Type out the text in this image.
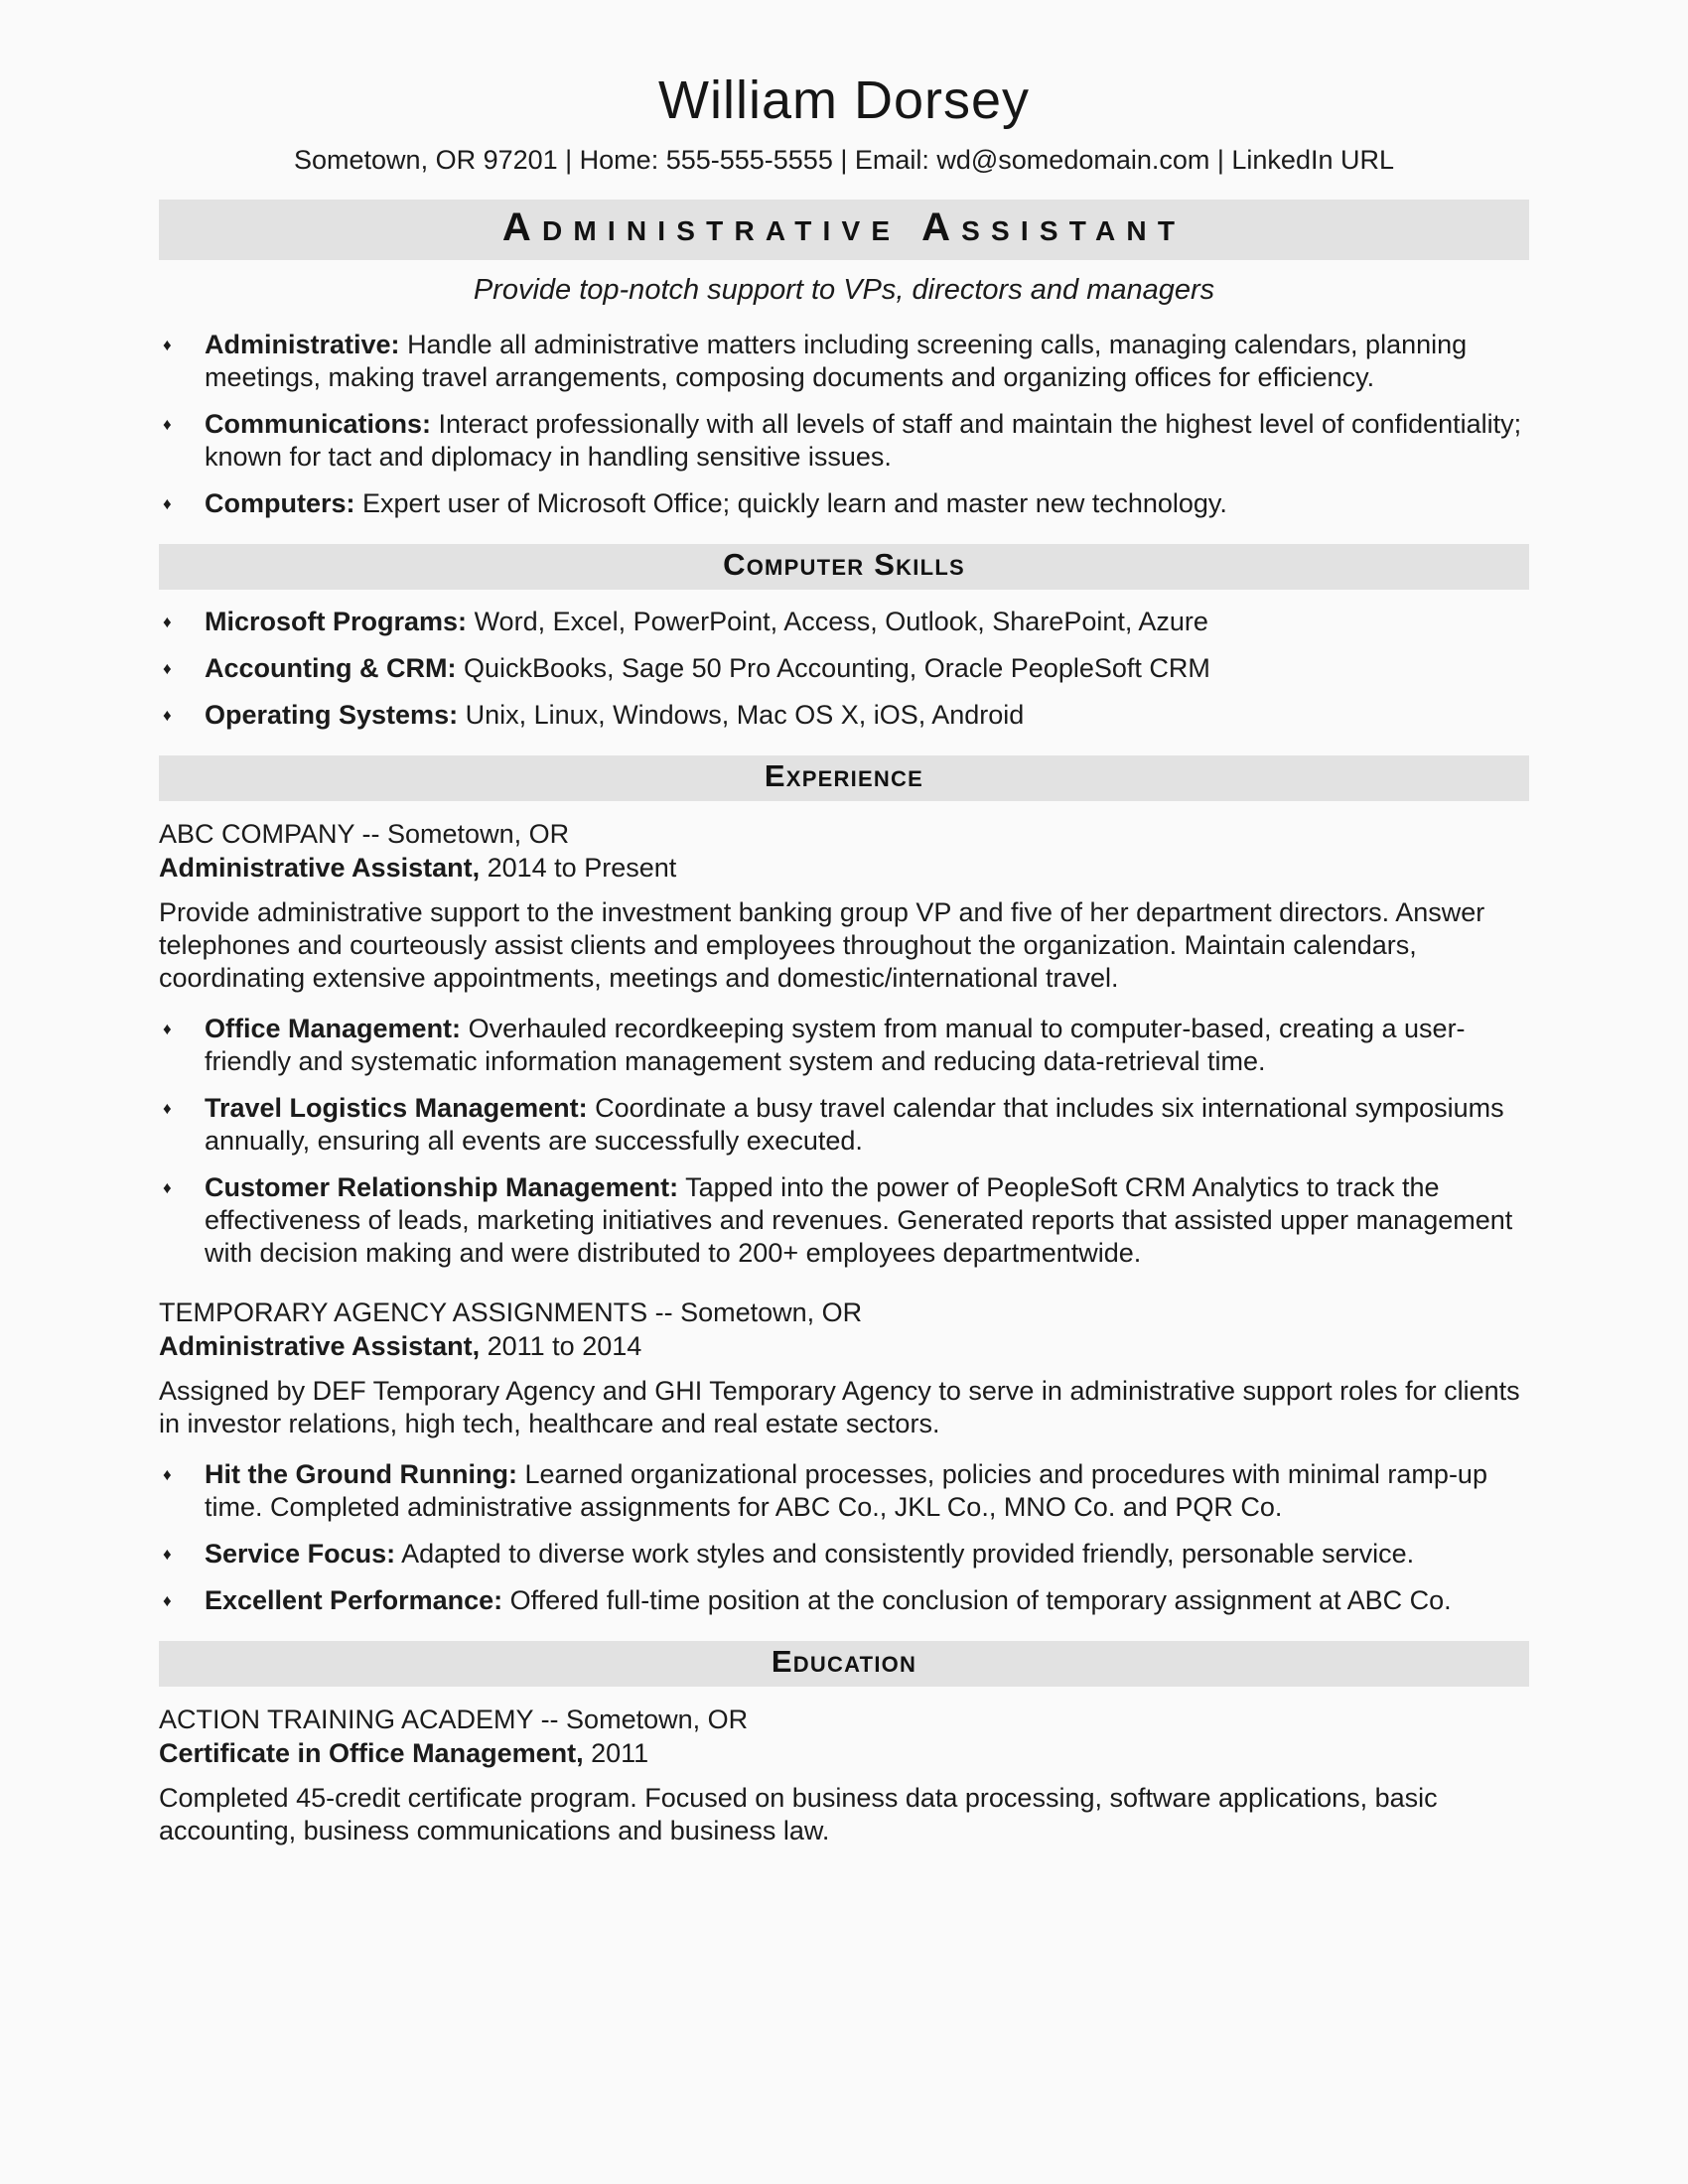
William Dorsey
Sometown, OR 97201 | Home: 555-555-5555 | Email: wd@somedomain.com | LinkedIn URL
Administrative Assistant
Provide top-notch support to VPs, directors and managers
♦	Administrative: Handle all administrative matters including screening calls, managing calendars, planning meetings, making travel arrangements, composing documents and organizing offices for efficiency.
♦	Communications: Interact professionally with all levels of staff and maintain the highest level of confidentiality; known for tact and diplomacy in handling sensitive issues.
♦	Computers: Expert user of Microsoft Office; quickly learn and master new technology.
Computer Skills
♦	Microsoft Programs: Word, Excel, PowerPoint, Access, Outlook, SharePoint, Azure
♦	Accounting & CRM: QuickBooks, Sage 50 Pro Accounting, Oracle PeopleSoft CRM
♦	Operating Systems: Unix, Linux, Windows, Mac OS X, iOS, Android
Experience
ABC COMPANY -- Sometown, OR
Administrative Assistant, 2014 to Present

Provide administrative support to the investment banking group VP and five of her department directors. Answer telephones and courteously assist clients and employees throughout the organization. Maintain calendars, coordinating extensive appointments, meetings and domestic/international travel.

♦	Office Management: Overhauled recordkeeping system from manual to computer-based, creating a user-friendly and systematic information management system and reducing data-retrieval time.
♦	Travel Logistics Management: Coordinate a busy travel calendar that includes six international symposiums annually, ensuring all events are successfully executed.
♦	Customer Relationship Management: Tapped into the power of PeopleSoft CRM Analytics to track the effectiveness of leads, marketing initiatives and revenues. Generated reports that assisted upper management with decision making and were distributed to 200+ employees departmentwide.
TEMPORARY AGENCY ASSIGNMENTS -- Sometown, OR
Administrative Assistant, 2011 to 2014

Assigned by DEF Temporary Agency and GHI Temporary Agency to serve in administrative support roles for clients in investor relations, high tech, healthcare and real estate sectors.

♦	Hit the Ground Running: Learned organizational processes, policies and procedures with minimal ramp-up time. Completed administrative assignments for ABC Co., JKL Co., MNO Co. and PQR Co.
♦	Service Focus: Adapted to diverse work styles and consistently provided friendly, personable service.
♦	Excellent Performance: Offered full-time position at the conclusion of temporary assignment at ABC Co.
Education
ACTION TRAINING ACADEMY -- Sometown, OR
Certificate in Office Management, 2011

Completed 45-credit certificate program. Focused on business data processing, software applications, basic accounting, business communications and business law.
